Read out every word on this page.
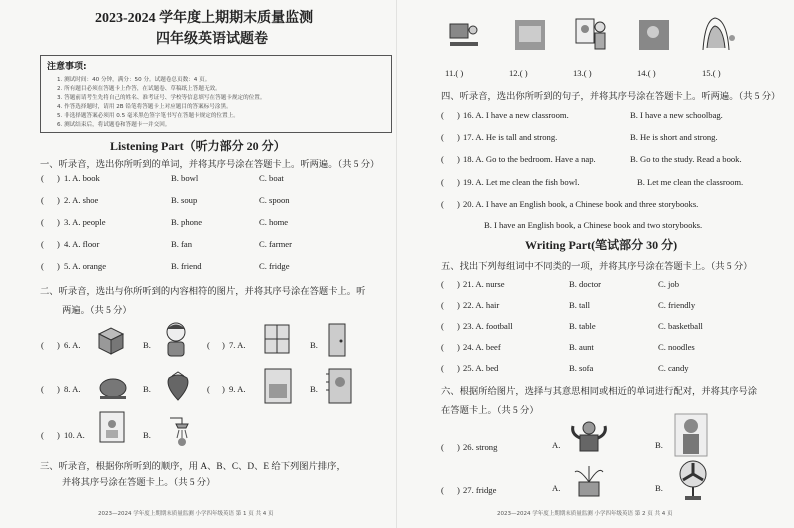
2023-2024 学年度上期期末质量监测
四年级英语试题卷
注意事项:
1. 测试时间：40 分钟，满分：50 分。试题卷总页数：4 页。
2. 所有题目必须在答题卡上作答，在试题卷、草稿纸上答题无效。
3. 答题前请考生先将自己的姓名、准考证号、学校等信息填写在答题卡规定的位置。
4. 作答选择题时，请用 2B 铅笔将答题卡上对应题目的答案标号涂黑。
5. 非选择题答案必须用 0.5 毫米黑色签字笔书写在答题卡规定的位置上。
6. 测试结束后，将试题卷和答题卡一并交回。
Listening Part（听力部分 20 分）
一、听录音，选出你所听到的单词，并将其序号涂在答题卡上。听两遍。（共 5 分）
( ) 1. A. book	B. bowl	C. boat
( ) 2. A. shoe	B. soup	C. spoon
( ) 3. A. people	B. phone	C. home
( ) 4. A. floor	B. fan	C. farmer
( ) 5. A. orange	B. friend	C. fridge
二、听录音，选出与你所听到的内容相符的图片，并将其序号涂在答题卡上。听
两遍。（共 5 分）
( ) 6. A.	B.	( ) 7. A.	B.
( ) 8. A.	B.	( ) 9. A.	B.
( ) 10. A.	B.
三、听录音，根据你所听到的顺序，用 A、B、C、D、E 给下列图片排序，
并将其序号涂在答题卡上。（共 5 分）
2023—2024 学年度上期期末质量监测 小学四年级英语 第 1 页 共 4 页
11.( )	12.( )	13.( )	14.( )	15.( )
四、听录音，选出你所听到的句子，并将其序号涂在答题卡上。听两遍。（共 5 分）
( ) 16. A. I have a new classroom.	B. I have a new schoolbag.
( ) 17. A. He is tall and strong.	B. He is short and strong.
( ) 18. A. Go to the bedroom. Have a nap.	B. Go to the study. Read a book.
( ) 19. A. Let me clean the fish bowl.	B. Let me clean the classroom.
( ) 20. A. I have an English book, a Chinese book and three storybooks.
B. I have an English book, a Chinese book and two storybooks.
Writing Part(笔试部分 30 分)
五、找出下列每组词中不同类的一项，并将其序号涂在答题卡上。（共 5 分）
( ) 21. A. nurse	B. doctor	C. job
( ) 22. A. hair	B. tall	C. friendly
( ) 23. A. football	B. table	C. basketball
( ) 24. A. beef	B. aunt	C. noodles
( ) 25. A. bed	B. sofa	C. candy
六、根据所给图片，选择与其意思相同或相近的单词进行配对，并将其序号涂
在答题卡上。（共 5 分）
( ) 26. strong	A.	B.
( ) 27. fridge	A.	B.
2023—2024 学年度上期期末质量监测 小学四年级英语 第 2 页 共 4 页
